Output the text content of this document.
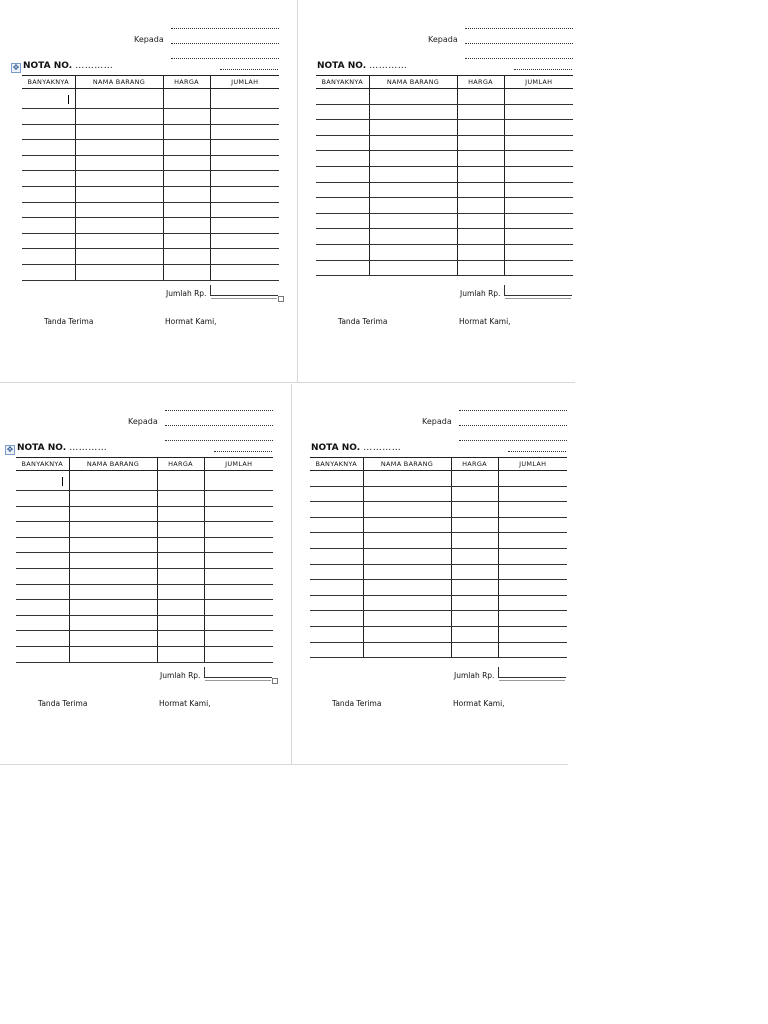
Kepada
✥ NOTA NO. …………
BANYAKNYA	NAMA BARANG	HARGA	JUMLAH

Jumlah Rp.
Tanda Terima	Hormat Kami,
Kepada
NOTA NO. …………
BANYAKNYA	NAMA BARANG	HARGA	JUMLAH

Jumlah Rp.
Tanda Terima	Hormat Kami,
Kepada
✥ NOTA NO. …………
BANYAKNYA	NAMA BARANG	HARGA	JUMLAH

Jumlah Rp.
Tanda Terima	Hormat Kami,
Kepada
NOTA NO. …………
BANYAKNYA	NAMA BARANG	HARGA	JUMLAH

Jumlah Rp.
Tanda Terima	Hormat Kami,
